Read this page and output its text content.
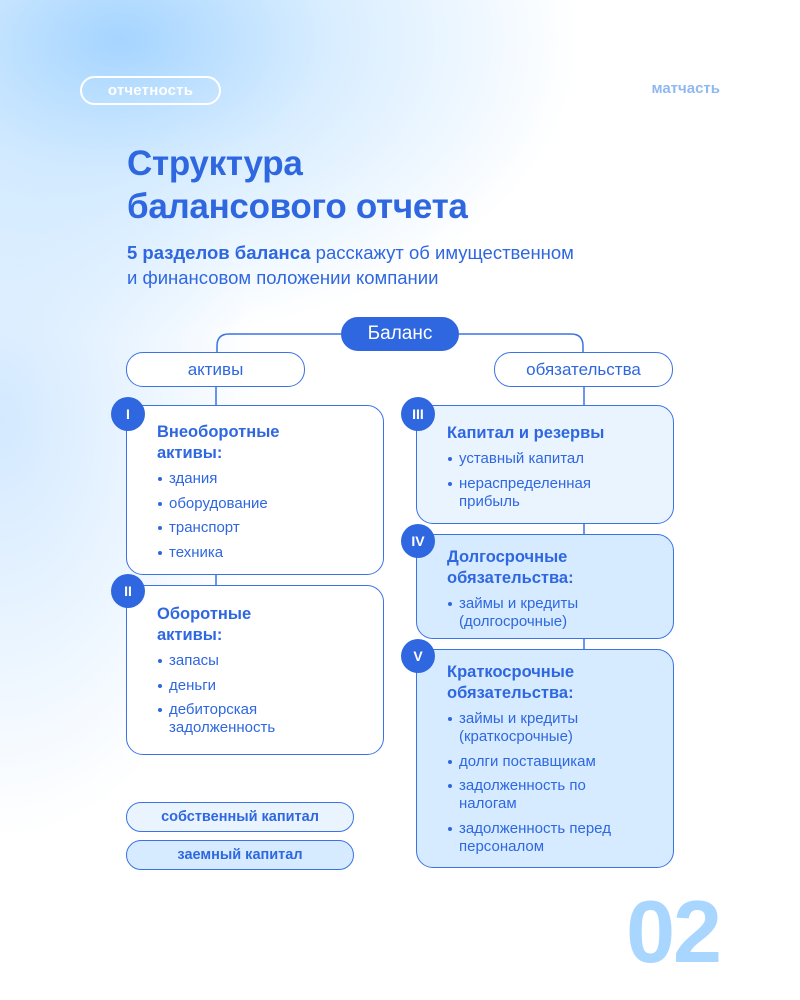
отчетность	матчасть
Структура
балансового отчета
5 разделов баланса расскажут об имущественном
и финансовом положении компании
Баланс
активы	обязательства
Внеоборотные
активы:
здания
оборудование
транспорт
техника
I
Оборотные
активы:
запасы
деньги
дебиторская задолженность
II
Капитал и резервы
уставный капитал
нераспределенная прибыль
III
Долгосрочные
обязательства:
займы и кредиты (долгосрочные)
IV
Краткосрочные
обязательства:
займы и кредиты (краткосрочные)
долги поставщикам
задолженность по налогам
задолженность перед персоналом
V
собственный капитал
заемный капитал
02
